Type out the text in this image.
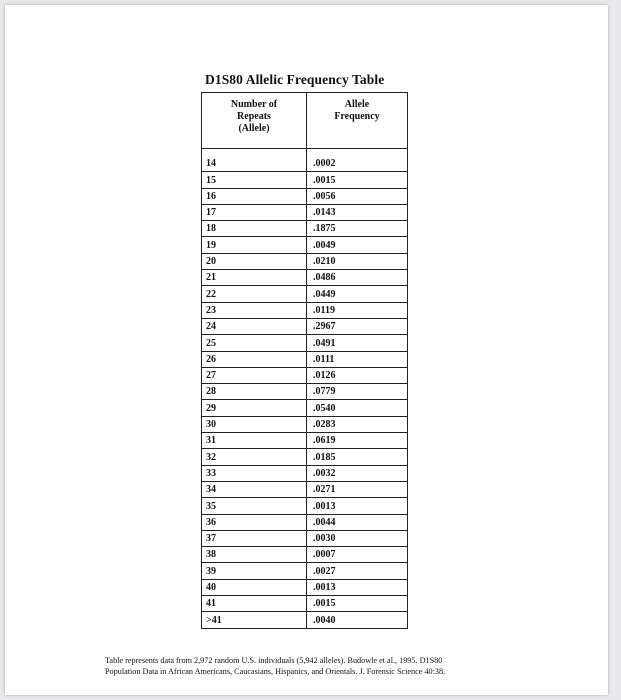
D1S80 Allelic Frequency Table
Number of
Repeats
(Allele)	Allele
Frequency

14	.0002
15	.0015
16	.0056
17	.0143
18	.1875
19	.0049
20	.0210
21	.0486
22	.0449
23	.0119
24	.2967
25	.0491
26	.0111
27	.0126
28	.0779
29	.0540
30	.0283
31	.0619
32	.0185
33	.0032
34	.0271
35	.0013
36	.0044
37	.0030
38	.0007
39	.0027
40	.0013
41	.0015
>41	.0040
Table represents data from 2,972 random U.S. individuals (5,942 alleles). Budowle et al., 1995. D1S80
Population Data in African Americans, Caucasians, Hispanics, and Orientals. J. Forensic Science 40:38.
